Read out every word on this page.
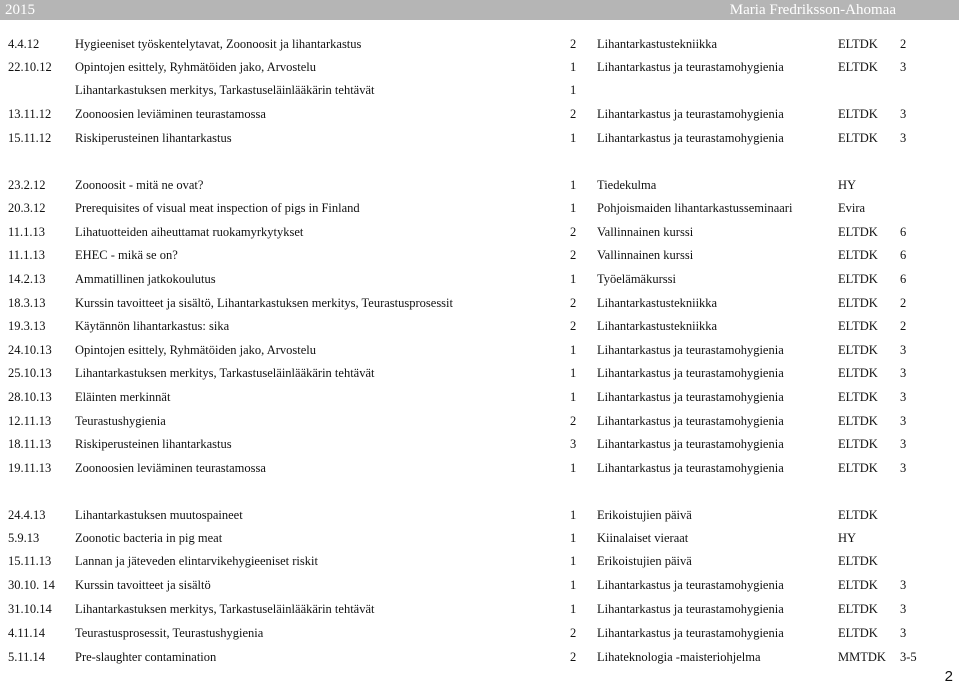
2015	Maria Fredriksson-Ahomaa
4.4.12	Hygieeniset työskentelytavat, Zoonoosit ja lihantarkastus	2 Lihantarkastustekniikka	ELTDK 2
22.10.12 Opintojen esittely, Ryhmätöiden jako, Arvostelu	1 Lihantarkastus ja teurastamohygienia	ELTDK 3
Lihantarkastuksen merkitys, Tarkastuseläinlääkärin tehtävät	1
13.11.12 Zoonoosien leviäminen teurastamossa	2 Lihantarkastus ja teurastamohygienia	ELTDK 3
15.11.12 Riskiperusteinen lihantarkastus	1 Lihantarkastus ja teurastamohygienia	ELTDK 3
23.2.12 Zoonoosit - mitä ne ovat?	1 Tiedekulma	HY
20.3.12 Prerequisites of visual meat inspection of pigs in Finland	1 Pohjoismaiden lihantarkastusseminaari	Evira
11.1.13 Lihatuotteiden aiheuttamat ruokamyrkytykset	2 Vallinnainen kurssi	ELTDK 6
11.1.13 EHEC - mikä se on?	2 Vallinnainen kurssi	ELTDK 6
14.2.13 Ammatillinen jatkokoulutus	1 Työelämäkurssi	ELTDK 6
18.3.13 Kurssin tavoitteet ja sisältö, Lihantarkastuksen merkitys, Teurastusprosessit	2 Lihantarkastustekniikka	ELTDK 2
19.3.13 Käytännön lihantarkastus: sika	2 Lihantarkastustekniikka	ELTDK 2
24.10.13 Opintojen esittely, Ryhmätöiden jako, Arvostelu	1 Lihantarkastus ja teurastamohygienia	ELTDK 3
25.10.13 Lihantarkastuksen merkitys, Tarkastuseläinlääkärin tehtävät	1 Lihantarkastus ja teurastamohygienia	ELTDK 3
28.10.13 Eläinten merkinnät	1 Lihantarkastus ja teurastamohygienia	ELTDK 3
12.11.13 Teurastushygienia	2 Lihantarkastus ja teurastamohygienia	ELTDK 3
18.11.13 Riskiperusteinen lihantarkastus	3 Lihantarkastus ja teurastamohygienia	ELTDK 3
19.11.13 Zoonoosien leviäminen teurastamossa	1 Lihantarkastus ja teurastamohygienia	ELTDK 3
24.4.13 Lihantarkastuksen muutospaineet	1 Erikoistujien päivä	ELTDK
5.9.13	Zoonotic bacteria in pig meat	1 Kiinalaiset vieraat	HY
15.11.13 Lannan ja jäteveden elintarvikehygieeniset riskit	1 Erikoistujien päivä	ELTDK
30.10. 14 Kurssin tavoitteet ja sisältö	1 Lihantarkastus ja teurastamohygienia	ELTDK 3
31.10.14 Lihantarkastuksen merkitys, Tarkastuseläinlääkärin tehtävät	1 Lihantarkastus ja teurastamohygienia	ELTDK 3
4.11.14 Teurastusprosessit, Teurastushygienia	2 Lihantarkastus ja teurastamohygienia	ELTDK 3
5.11.14 Pre-slaughter contamination	2 Lihateknologia -maisteriohjelma	MMTDK 3-5
2
